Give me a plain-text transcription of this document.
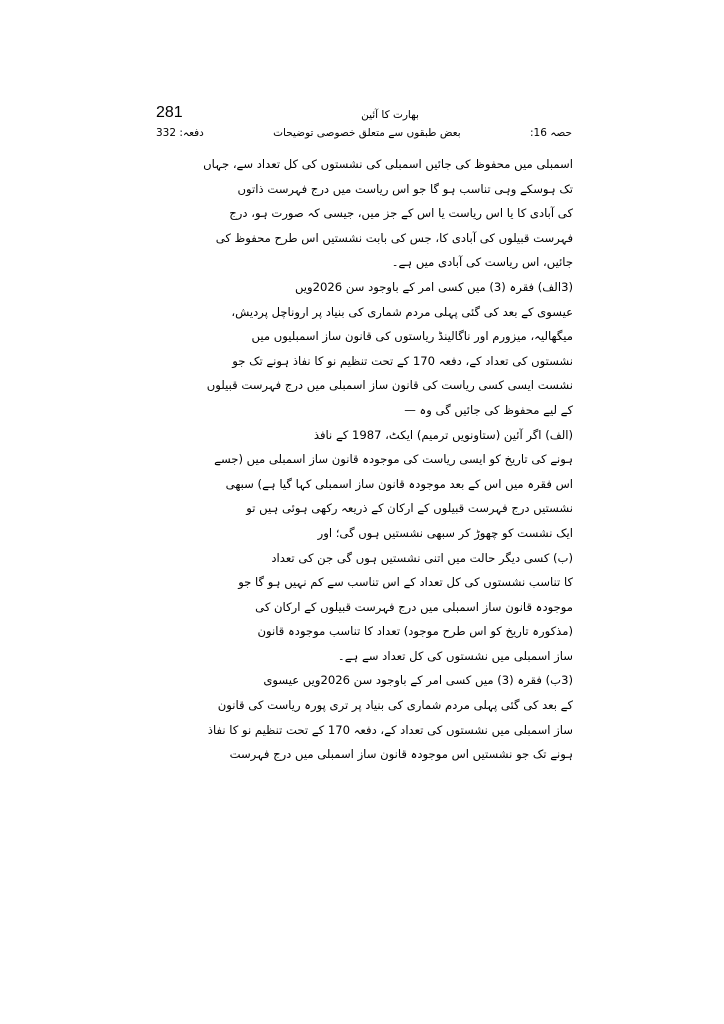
281	بھارت کا آئین
حصہ 16:
بعض طبقوں سے متعلق خصوصی توضیحات
دفعہ: 332
اسمبلی میں محفوظ کی جائیں اسمبلی کی نشستوں کی کل تعداد سے، جہاں
تک ہوسکے وہی تناسب ہو گا جو اس ریاست میں درج فہرست ذاتوں
کی آبادی کا یا اس ریاست یا اس کے جز میں، جیسی کہ صورت ہو، درج
فہرست قبیلوں کی آبادی کا، جس کی بابت نشستیں اس طرح محفوظ کی
جائیں، اس ریاست کی آبادی میں ہے۔
(3الف) فقرہ (3) میں کسی امر کے باوجود سن 2026ویں
عیسوی کے بعد کی گئی پہلی مردم شماری کی بنیاد پر اروناچل پردیش،
میگھالیہ، میزورم اور ناگالینڈ ریاستوں کی قانون ساز اسمبلیوں میں
نشستوں کی تعداد کے، دفعہ 170 کے تحت تنظیم نو کا نفاذ ہونے تک جو
نشست ایسی کسی ریاست کی قانون ساز اسمبلی میں درج فہرست قبیلوں
کے لیے محفوظ کی جائیں گی وہ —
(الف) اگر آئین (ستاونویں ترمیم) ایکٹ، 1987 کے نافذ
ہونے کی تاریخ کو ایسی ریاست کی موجودہ قانون ساز اسمبلی میں (جسے
اس فقرہ میں اس کے بعد موجودہ قانون ساز اسمبلی کہا گیا ہے) سبھی
نشستیں درج فہرست قبیلوں کے ارکان کے ذریعہ رکھی ہوئی ہیں تو
ایک نشست کو چھوڑ کر سبھی نشستیں ہوں گی؛ اور
(ب) کسی دیگر حالت میں اتنی نشستیں ہوں گی جن کی تعداد
کا تناسب نشستوں کی کل تعداد کے اس تناسب سے کم نہیں ہو گا جو
موجودہ قانون ساز اسمبلی میں درج فہرست قبیلوں کے ارکان کی
(مذکورہ تاریخ کو اس طرح موجود) تعداد کا تناسب موجودہ قانون
ساز اسمبلی میں نشستوں کی کل تعداد سے ہے۔
(3ب) فقرہ (3) میں کسی امر کے باوجود سن 2026ویں عیسوی
کے بعد کی گئی پہلی مردم شماری کی بنیاد پر تری پورہ ریاست کی قانون
ساز اسمبلی میں نشستوں کی تعداد کے، دفعہ 170 کے تحت تنظیم نو کا نفاذ
ہونے تک جو نشستیں اس موجودہ قانون ساز اسمبلی میں درج فہرست
